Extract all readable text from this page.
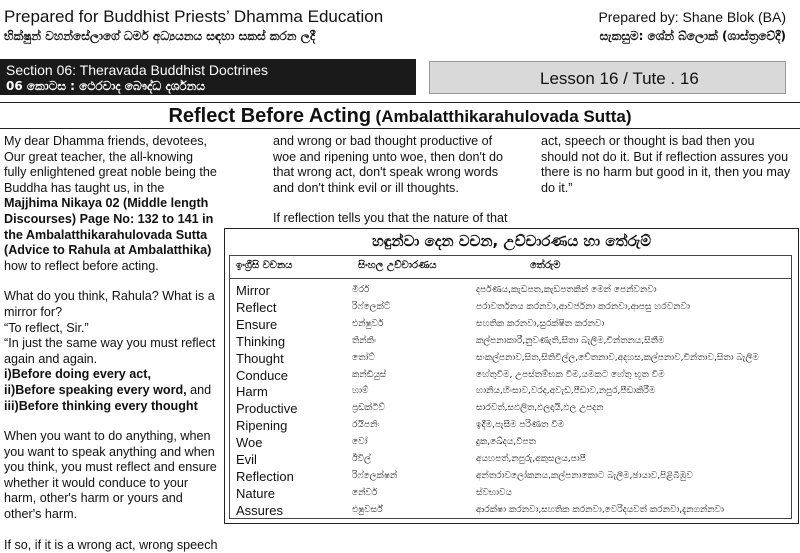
Prepared for Buddhist Priests’ Dhamma Education
භික්ෂුන් වහන්සේලාගේ ධර්ම අධ්‍යයනය සඳහා සකස් කරන ලදී
Prepared by: Shane Blok (BA)
සැකසුම: ශේන් බ්ලොක් (ශාස්ත්‍රවේදී)
Section 06: Theravada Buddhist Doctrines
06 කොටස : ථෙරවාද බෞද්ධ දර්ශනය	Lesson 16 / Tute . 16
Reflect Before Acting (Ambalatthikarahulovada Sutta)

My dear Dhamma friends, devotees,
Our great teacher, the all-knowing fully enlightened great noble being the Buddha has taught us, in the Majjhima Nikaya 02 (Middle length Discourses) Page No: 132 to 141 in the Ambalatthikarahulovada Sutta (Advice to Rahula at Ambalatthika) how to reflect before acting.

What do you think, Rahula? What is a mirror for?

“To reflect, Sir.”

“In just the same way you must reflect again and again.

i)Before doing every act,

ii)Before speaking every word, and

iii)Before thinking every thought

When you want to do anything, when you want to speak anything and when you think, you must reflect and ensure whether it would conduce to your harm, other's harm or yours and other's harm.

If so, if it is a wrong act, wrong speech

and wrong or bad thought productive of woe and ripening unto woe, then don't do that wrong act, don't speak wrong words and don't think evil or ill thoughts.

If reflection tells you that the nature of that

act, speech or thought is bad then you should not do it. But if reflection assures you there is no harm but good in it, then you may do it.”

හඳුන්වා දෙන වචන, උච්චාරණය හා තේරුම්
ඉංග්‍රීසි වචනය	සිංහල උච්චාරණය	තේරුම
Mirror	මිරර්	දර්පණය,කැඩපත,කැඩපතකින් මෙන් පෙන්වනවා
Reflect	රිෆ්ලෙක්ට්	පරාවර්තනය කරනවා,ආවර්ජනා කරනවා,ආපසු හරවනවා
Ensure	එන්ෂුවර්	සහතික කරනවා,සුරක්ෂිත කරනවා
Thinking	තින්කිං	කල්පනාකාරී,නුවණැති,සිතා බැලීම,චින්තනය,සිතීම
Thought	තෝට්	සංකල්පනාව,සිත,සිතිවිල්ල,චේතනාව,අදහස,කල්පනාව,චින්තාව,සිතා බැලීම
Conduce	කන්ඩියුස්	හේතුවීම, උපස්තම්භක වීම,යමකට හේතු භූත වීම
Harm	හාම්	හානිය,හිංසාව,වරද,අවැඩ,පීඩාව,නපුර,පීඩාකිරීම
Productive	ප්‍රඩක්ටිව්	සාරවත්,සඵලිත,ඵලදායි,ඵල උපදන
Ripening	රයිපනිං	ඉදීම,පැසීම පරිණත වීම
Woe	වෝ	දුක,ඛේදය,විපත
Evil	ඊවිල්	අයහපත්,නපුරු,අකුසලය,පාපී
Reflection	රිෆ්ලෙක්ෂන්	අන්තරාවලෝකනය,කල්පනාකොට බැලීම,ඡායාව,පිළිබිඹුව
Nature	නේචර්	ස්වභාවය
Assures	එෂුවර්ස්	ආරක්ෂා කරනවා,සහතික කරනවා,වෙරිදයවත් කරනවා,දැනගන්නවා
